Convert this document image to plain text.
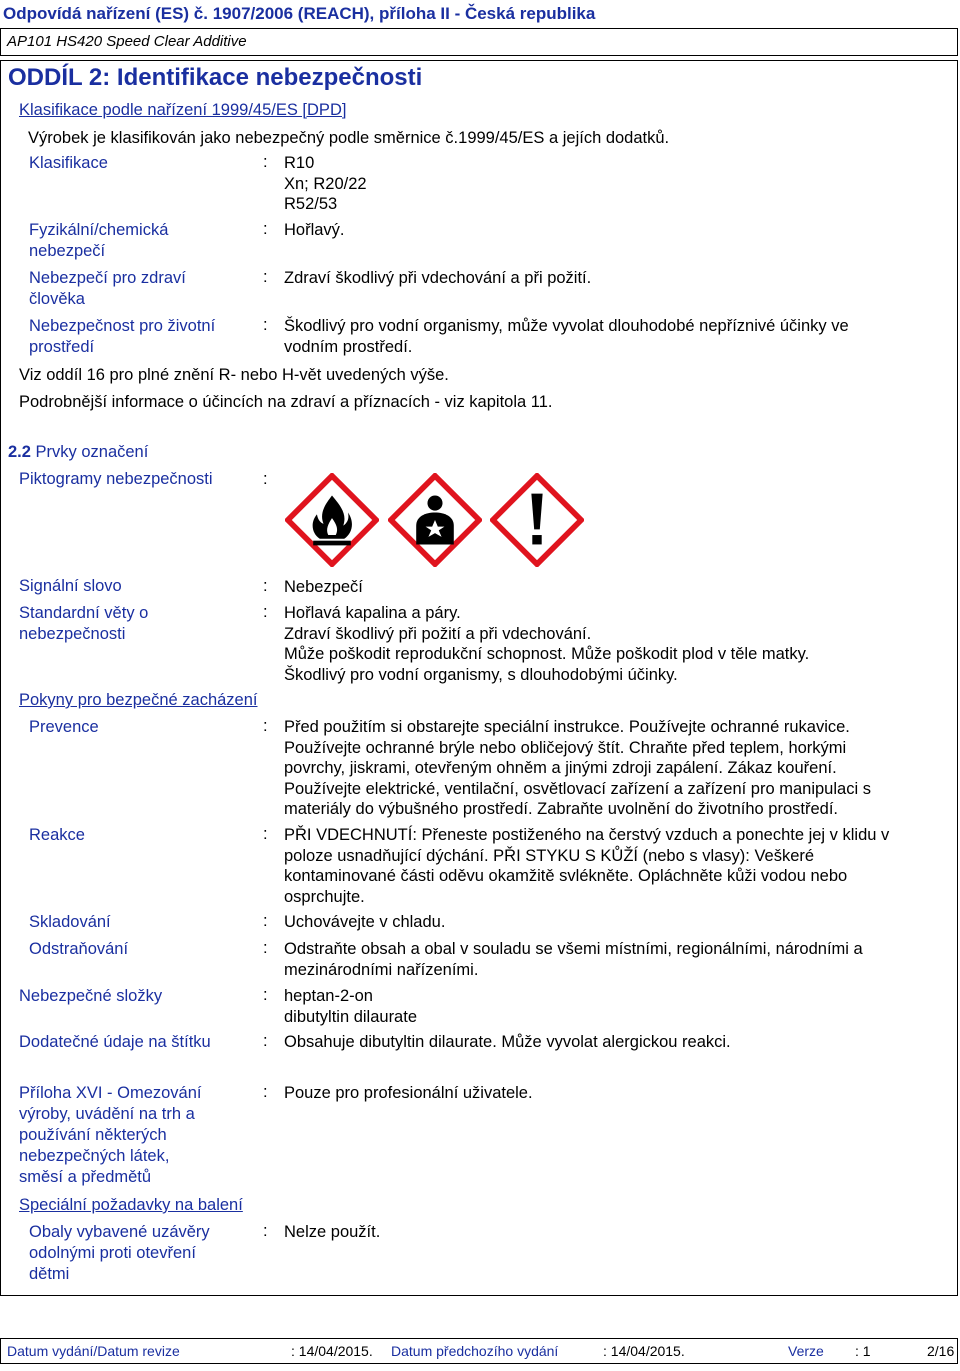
Odpovídá nařízení (ES) č. 1907/2006 (REACH), příloha II - Česká republika
AP101 HS420 Speed Clear Additive
ODDÍL 2: Identifikace nebezpečnosti
Klasifikace podle nařízení 1999/45/ES [DPD]
Výrobek je klasifikován jako nebezpečný podle směrnice č.1999/45/ES a jejích dodatků.
Klasifikace	: R10
Xn; R20/22
R52/53
Fyzikální/chemická
nebezpečí
: Hořlavý.
Nebezpečí pro zdraví
člověka
: Zdraví škodlivý při vdechování a při požití.
Nebezpečnost pro životní
prostředí
: Škodlivý pro vodní organismy, může vyvolat dlouhodobé nepříznivé účinky ve
vodním prostředí.
Viz oddíl 16 pro plné znění R- nebo H-vět uvedených výše.
Podrobnější informace o účincích na zdraví a příznacích - viz kapitola 11.
2.2 Prvky označení
Piktogramy nebezpečnosti	:
Signální slovo	: Nebezpečí
Standardní věty o
nebezpečnosti
: Hořlavá kapalina a páry.
Zdraví škodlivý při požití a při vdechování.
Může poškodit reprodukční schopnost. Může poškodit plod v těle matky.
Škodlivý pro vodní organismy, s dlouhodobými účinky.
Pokyny pro bezpečné zacházení
Prevence	: Před použitím si obstarejte speciální instrukce. Používejte ochranné rukavice.
Používejte ochranné brýle nebo obličejový štít. Chraňte před teplem, horkými
povrchy, jiskrami, otevřeným ohněm a jinými zdroji zapálení. Zákaz kouření.
Používejte elektrické, ventilační, osvětlovací zařízení a zařízení pro manipulaci s
materiály do výbušného prostředí. Zabraňte uvolnění do životního prostředí.
Reakce	: PŘI VDECHNUTÍ: Přeneste postiženého na čerstvý vzduch a ponechte jej v klidu v
poloze usnadňující dýchání. PŘI STYKU S KŮŽÍ (nebo s vlasy): Veškeré
kontaminované části oděvu okamžitě svlékněte. Opláchněte kůži vodou nebo
osprchujte.
Skladování	: Uchovávejte v chladu.
Odstraňování	: Odstraňte obsah a obal v souladu se všemi místními, regionálními, národními a
mezinárodními nařízeními.
Nebezpečné složky	: heptan-2-on
dibutyltin dilaurate
Dodatečné údaje na štítku	: Obsahuje dibutyltin dilaurate. Může vyvolat alergickou reakci.
Příloha XVI - Omezování
výroby, uvádění na trh a
používání některých
nebezpečných látek,
směsí a předmětů
: Pouze pro profesionální uživatele.
Speciální požadavky na balení
Obaly vybavené uzávěry
odolnými proti otevření
dětmi
: Nelze použít.
Datum vydání/Datum revize	: 14/04/2015. Datum předchozího vydání	: 14/04/2015.	Verze : 1	2/16
